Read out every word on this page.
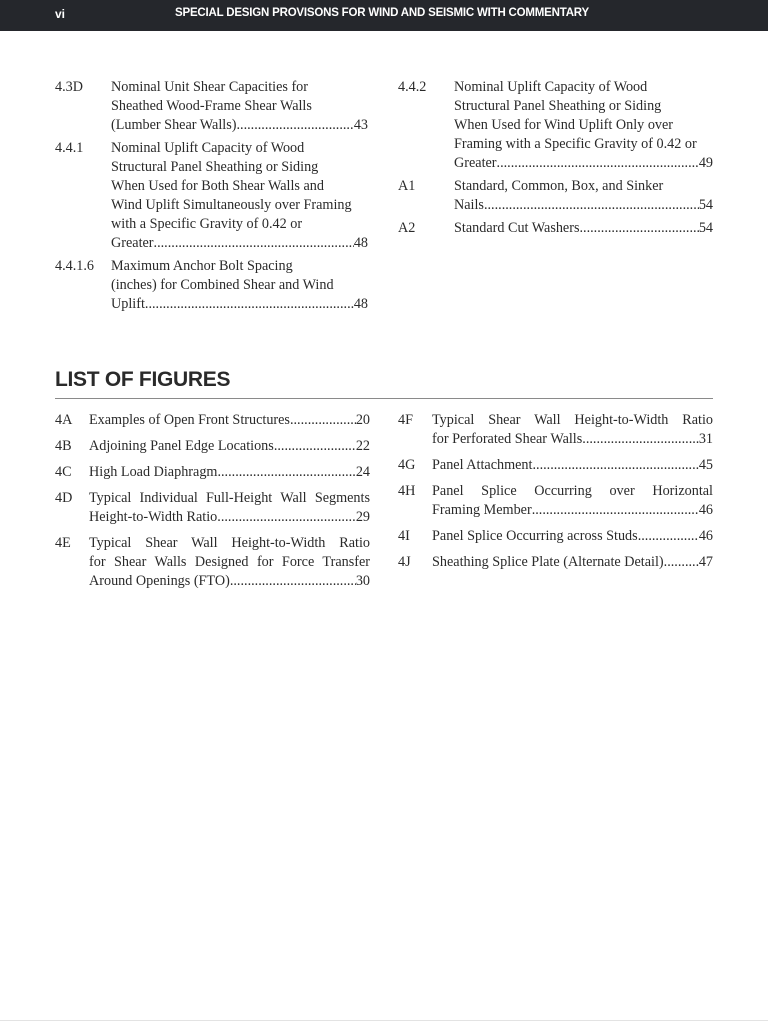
vi	SPECIAL DESIGN PROVISONS FOR WIND AND SEISMIC WITH COMMENTARY
4.3D Nominal Unit Shear Capacities for
Sheathed Wood-Frame Shear Walls
(Lumber Shear Walls) .....	43
4.4.1 Nominal Uplift Capacity of Wood
Structural Panel Sheathing or Siding
When Used for Both Shear Walls and
Wind Uplift Simultaneously over Framing
with a Specific Gravity of 0.42 or
Greater .....	48
4.4.1.6 Maximum Anchor Bolt Spacing
(inches) for Combined Shear and Wind
Uplift .....	48
4.4.2 Nominal Uplift Capacity of Wood
Structural Panel Sheathing or Siding
When Used for Wind Uplift Only over
Framing with a Specific Gravity of 0.42 or
Greater .....	49
A1	Standard, Common, Box, and Sinker
Nails .....	54
A2	Standard Cut Washers .....	54
LIST OF FIGURES
4A Examples of Open Front Structures .....	20
4B Adjoining Panel Edge Locations .....	22
4C High Load Diaphragm .....	24
4D Typical Individual Full-Height Wall Segments
Height-to-Width Ratio .....	29
4E Typical Shear Wall Height-to-Width Ratio
for Shear Walls Designed for Force Transfer
Around Openings (FTO) .....	30
4F Typical Shear Wall Height-to-Width Ratio
for Perforated Shear Walls .....	31
4G Panel Attachment .....	45
4H Panel Splice Occurring over Horizontal
Framing Member .....	46
4I Panel Splice Occurring across Studs .....	46
4J Sheathing Splice Plate (Alternate Detail) ..... 47
